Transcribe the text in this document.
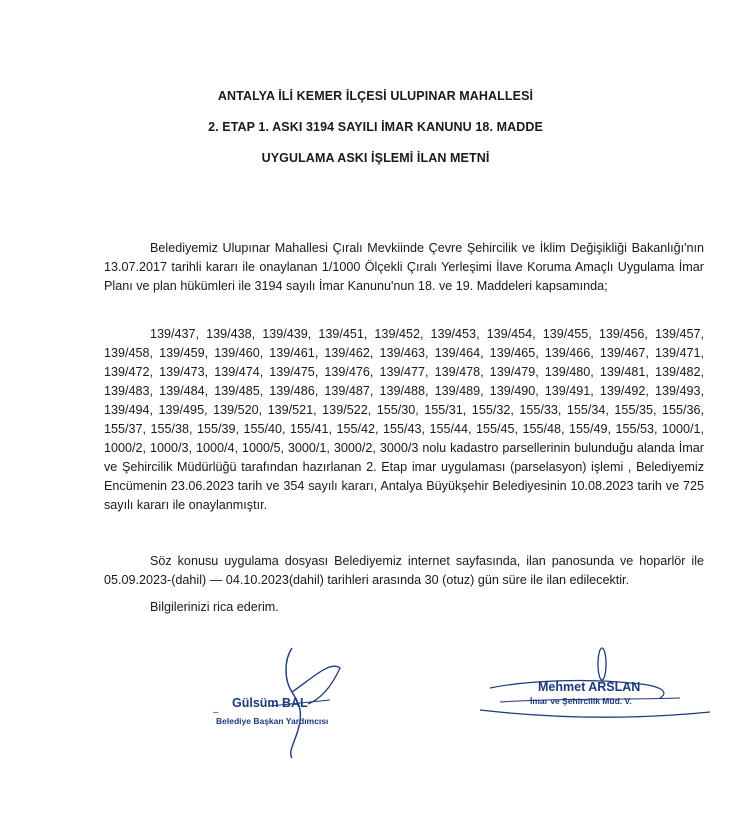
ANTALYA İLİ KEMER İLÇESİ ULUPINAR MAHALLESİ
2. ETAP 1. ASKI 3194 SAYILI İMAR KANUNU 18. MADDE
UYGULAMA ASKI İŞLEMİ İLAN METNİ
Belediyemiz Ulupınar Mahallesi Çıralı Mevkiinde Çevre Şehircilik ve İklim Değişikliği Bakanlığı'nın 13.07.2017 tarihli kararı ile onaylanan 1/1000 Ölçekli Çıralı Yerleşimi İlave Koruma Amaçlı Uygulama İmar Planı ve plan hükümleri ile 3194 sayılı İmar Kanunu'nun 18. ve 19. Maddeleri kapsamında;
139/437, 139/438, 139/439, 139/451, 139/452, 139/453, 139/454, 139/455, 139/456, 139/457, 139/458, 139/459, 139/460, 139/461, 139/462, 139/463, 139/464, 139/465, 139/466, 139/467, 139/471, 139/472, 139/473, 139/474, 139/475, 139/476, 139/477, 139/478, 139/479, 139/480, 139/481, 139/482, 139/483, 139/484, 139/485, 139/486, 139/487, 139/488, 139/489, 139/490, 139/491, 139/492, 139/493, 139/494, 139/495, 139/520, 139/521, 139/522, 155/30, 155/31, 155/32, 155/33, 155/34, 155/35, 155/36, 155/37, 155/38, 155/39, 155/40, 155/41, 155/42, 155/43, 155/44, 155/45, 155/48, 155/49, 155/53, 1000/1, 1000/2, 1000/3, 1000/4, 1000/5, 3000/1, 3000/2, 3000/3 nolu kadastro parsellerinin bulunduğu alanda İmar ve Şehircilik Müdürlüğü tarafından hazırlanan 2. Etap imar uygulaması (parselasyon) işlemi , Belediyemiz Encümenin 23.06.2023 tarih ve 354 sayılı kararı, Antalya Büyükşehir Belediyesinin 10.08.2023 tarih ve 725 sayılı kararı ile onaylanmıştır.
Söz konusu uygulama dosyası Belediyemiz internet sayfasında, ilan panosunda ve hoparlör ile 05.09.2023-(dahil) — 04.10.2023(dahil) tarihleri arasında 30 (otuz) gün süre ile ilan edilecektir.
Bilgilerinizi rica ederim.
Gülsüm BAL
Belediye Başkan Yardımcısı
–
Mehmet ARSLAN
İmar ve Şehircilik Müd. V.
